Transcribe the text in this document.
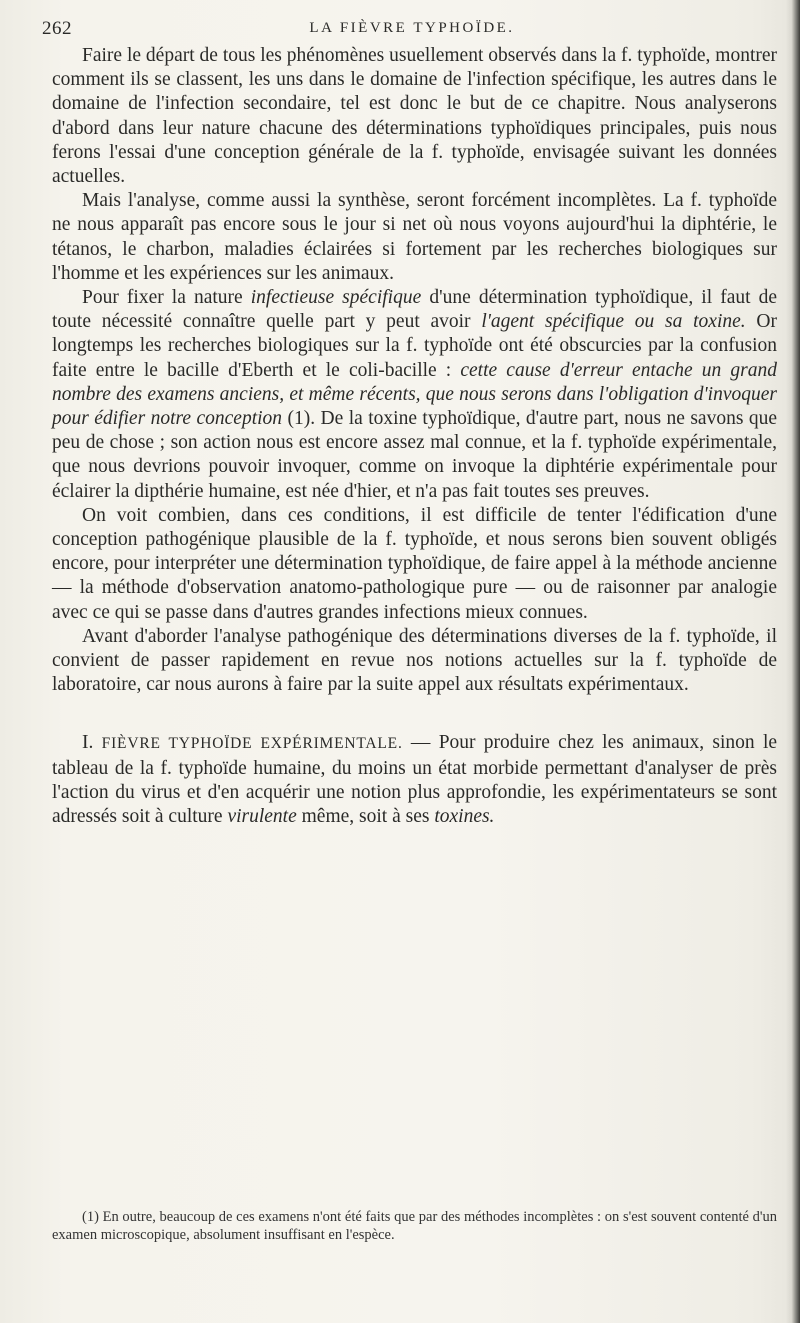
262	LA FIÈVRE TYPHOÏDE.

Faire le départ de tous les phénomènes usuellement observés dans la f. typhoïde, montrer comment ils se classent, les uns dans le domaine de l'infection spécifique, les autres dans le domaine de l'infection secondaire, tel est donc le but de ce chapitre. Nous analyserons d'abord dans leur nature chacune des déterminations typhoïdiques principales, puis nous ferons l'essai d'une conception générale de la f. typhoïde, envisagée suivant les données actuelles.

Mais l'analyse, comme aussi la synthèse, seront forcément incomplètes. La f. typhoïde ne nous apparaît pas encore sous le jour si net où nous voyons aujourd'hui la diphtérie, le tétanos, le charbon, maladies éclairées si fortement par les recherches biologiques sur l'homme et les expériences sur les animaux.

Pour fixer la nature infectieuse spécifique d'une détermination typhoïdique, il faut de toute nécessité connaître quelle part y peut avoir l'agent spécifique ou sa toxine. Or longtemps les recherches biologiques sur la f. typhoïde ont été obscurcies par la confusion faite entre le bacille d'Eberth et le coli-bacille : cette cause d'erreur entache un grand nombre des examens anciens, et même récents, que nous serons dans l'obligation d'invoquer pour édifier notre conception (1). De la toxine typhoïdique, d'autre part, nous ne savons que peu de chose ; son action nous est encore assez mal connue, et la f. typhoïde expérimentale, que nous devrions pouvoir invoquer, comme on invoque la diphtérie expérimentale pour éclairer la dipthérie humaine, est née d'hier, et n'a pas fait toutes ses preuves.

On voit combien, dans ces conditions, il est difficile de tenter l'édification d'une conception pathogénique plausible de la f. typhoïde, et nous serons bien souvent obligés encore, pour interpréter une détermination typhoïdique, de faire appel à la méthode ancienne — la méthode d'observation anatomo-pathologique pure — ou de raisonner par analogie avec ce qui se passe dans d'autres grandes infections mieux connues.

Avant d'aborder l'analyse pathogénique des déterminations diverses de la f. typhoïde, il convient de passer rapidement en revue nos notions actuelles sur la f. typhoïde de laboratoire, car nous aurons à faire par la suite appel aux résultats expérimentaux.

I. FIÈVRE TYPHOÏDE EXPÉRIMENTALE. — Pour produire chez les animaux, sinon le tableau de la f. typhoïde humaine, du moins un état morbide permettant d'analyser de près l'action du virus et d'en acquérir une notion plus approfondie, les expérimentateurs se sont adressés soit à culture virulente même, soit à ses toxines.

(1) En outre, beaucoup de ces examens n'ont été faits que par des méthodes incomplètes : on s'est souvent contenté d'un examen microscopique, absolument insuffisant en l'espèce.
